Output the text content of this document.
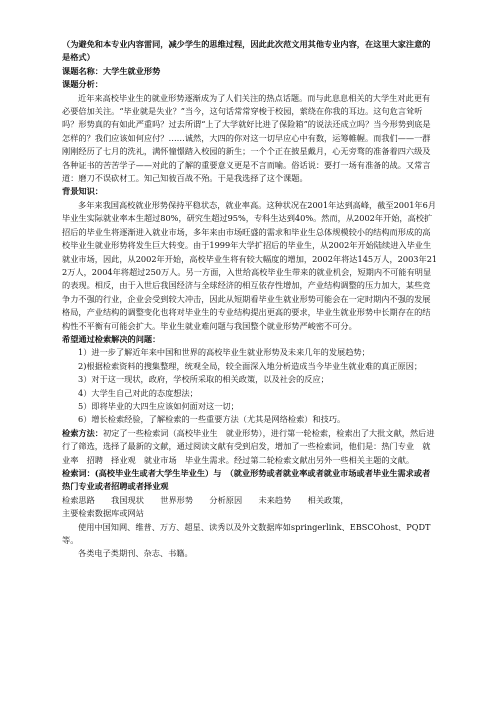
（为避免和本专业内容雷同，减少学生的思维过程，因此此次范文用其他专业内容，在这里大家注意的是格式）

课题名称：大学生就业形势

课题分析：

近年来高校毕业生的就业形势逐渐成为了人们关注的热点话题。而与此息息相关的大学生对此更有必要倍加关注。“毕业就是失业？”当今，这句话常常穿梭于校园，萦绕在你我的耳边。这句危言耸听吗？形势真的有如此严重吗？过去所谓“上了大学就好比进了保险箱”的说法还成立吗？当今形势到底是怎样的？我们应该如何应付？……诚然，大四的你对这一切早应心中有数，运筹帷幄。而我们——一群刚刚经历了七月的洗礼，满怀憧憬踏入校园的新生；一个个正在披星戴月，心无旁骛的准备着四六级及各种证书的苦苦学子——对此的了解的重要意义更是不言而喻。俗话说：要打一场有准备的战。又常言道：磨刀不误砍材工。知己知彼百战不殆。于是我选择了这个课题。

背景知识：

多年来我国高校就业形势保持平稳状态，就业率高。这种状况在2001年达到高峰，截至2001年6月毕业生实际就业率本生超过80%，研究生超过95%，专科生达到40%。然而，从2002年开始，高校扩招后的毕业生将逐渐进入就业市场，多年来由市场旺盛的需求和毕业生总体规模较小的结构而形成的高校毕业生就业形势将发生巨大转变。由于1999年大学扩招后的毕业生，从2002年开始陆续进入毕业生就业市场，因此，从2002年开始，高校毕业生将有较大幅度的增加，2002年将达145万人，2003年212万人，2004年将超过250万人。另一方面，入世给高校毕业生带来的就业机会，短期内不可能有明显的表现。相反，由于入世后我国经济与全球经济的相互依存性增加，产业结构调整的压力加大，某些竞争力不强的行业，企业会受到较大冲击，因此从短期看毕业生就业形势可能会在一定时期内不强的发展格局，产业结构的调整变化也将对毕业生的专业结构提出更高的要求，毕业生就业形势中长期存在的结构性不平衡有可能会扩大。毕业生就业难问题与我国整个就业形势严峻密不可分。

希望通过检索解决的问题：

1）进一步了解近年来中国和世界的高校毕业生就业形势及未来几年的发展趋势；

2)根据检索资料的搜集整理，统观全局，较全面深入地分析造成当今毕业生就业难的真正原因；

3）对于这一现状，政府，学校所采取的相关政策，以及社会的反应；

4）大学生自己对此的态度想法；

5）即将毕业的大四生应该如何面对这一切；

6）增长检索经验，了解检索的一些重要方法（尤其是网络检索）和技巧。

检索方法：初定了一些检索词（高校毕业生　就业形势），进行第一轮检索，检索出了大批文献，然后进行了筛选，选择了最新的文献，通过阅读文献有受到启发，增加了一些检索词，他们是：热门专业　就业率　招聘　择业观　就业市场　毕业生需求。经过第二轮检索文献出另外一些相关主题的文献。

检索词：(高校毕业生或者大学生毕业生）与　（就业形势或者就业率或者就业市场或者毕业生需求或者热门专业或者招聘或者择业观

检索思路　　我国现状　　世界形势　　分析原因　　未来趋势　　相关政策，

主要检索数据库或网站

使用中国知网、维普、万方、超星、读秀以及外文数据库如springerlink、EBSCOhost、PQDT等。

各类电子类期刊、杂志、书籍。
